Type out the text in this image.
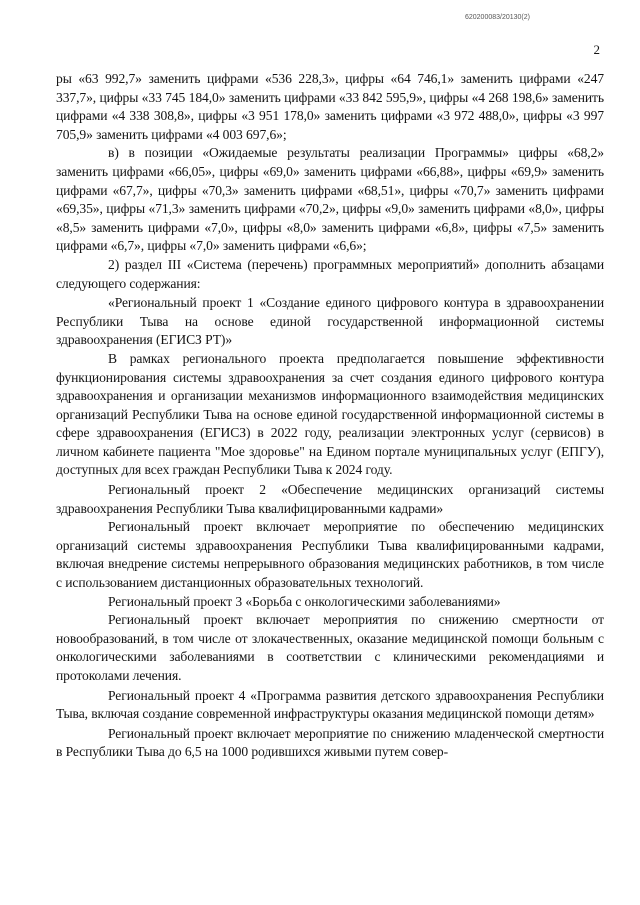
620200083/20130(2)
2

ры «63 992,7» заменить цифрами «536 228,3», цифры «64 746,1» заменить цифрами «247 337,7», цифры «33 745 184,0» заменить цифрами «33 842 595,9», цифры «4 268 198,6» заменить цифрами «4 338 308,8», цифры «3 951 178,0» заменить цифрами «3 972 488,0», цифры «3 997 705,9» заменить цифрами «4 003 697,6»;

в) в позиции «Ожидаемые результаты реализации Программы» цифры «68,2» заменить цифрами «66,05», цифры «69,0» заменить цифрами «66,88», цифры «69,9» заменить цифрами «67,7», цифры «70,3» заменить цифрами «68,51», цифры «70,7» заменить цифрами «69,35», цифры «71,3» заменить цифрами «70,2», цифры «9,0» заменить цифрами «8,0», цифры «8,5» заменить цифрами «7,0», цифры «8,0» заменить цифрами «6,8», цифры «7,5» заменить цифрами «6,7», цифры «7,0» заменить цифрами «6,6»;

2) раздел III «Система (перечень) программных мероприятий» дополнить абзацами следующего содержания:

«Региональный проект 1 «Создание единого цифрового контура в здравоохранении Республики Тыва на основе единой государственной информационной системы здравоохранения (ЕГИСЗ РТ)»

В рамках регионального проекта предполагается повышение эффективности функционирования системы здравоохранения за счет создания единого цифрового контура здравоохранения и организации механизмов информационного взаимодействия медицинских организаций Республики Тыва на основе единой государственной информационной системы в сфере здравоохранения (ЕГИСЗ) в 2022 году, реализации электронных услуг (сервисов) в личном кабинете пациента "Мое здоровье" на Едином портале муниципальных услуг (ЕПГУ), доступных для всех граждан Республики Тыва к 2024 году.

Региональный проект 2 «Обеспечение медицинских организаций системы здравоохранения Республики Тыва квалифицированными кадрами»

Региональный проект включает мероприятие по обеспечению медицинских организаций системы здравоохранения Республики Тыва квалифицированными кадрами, включая внедрение системы непрерывного образования медицинских работников, в том числе с использованием дистанционных образовательных технологий.

Региональный проект 3 «Борьба с онкологическими заболеваниями»

Региональный проект включает мероприятия по снижению смертности от новообразований, в том числе от злокачественных, оказание медицинской помощи больным с онкологическими заболеваниями в соответствии с клиническими рекомендациями и протоколами лечения.

Региональный проект 4 «Программа развития детского здравоохранения Республики Тыва, включая создание современной инфраструктуры оказания медицинской помощи детям»

Региональный проект включает мероприятие по снижению младенческой смертности в Республики Тыва до 6,5 на 1000 родившихся живыми путем совер-
